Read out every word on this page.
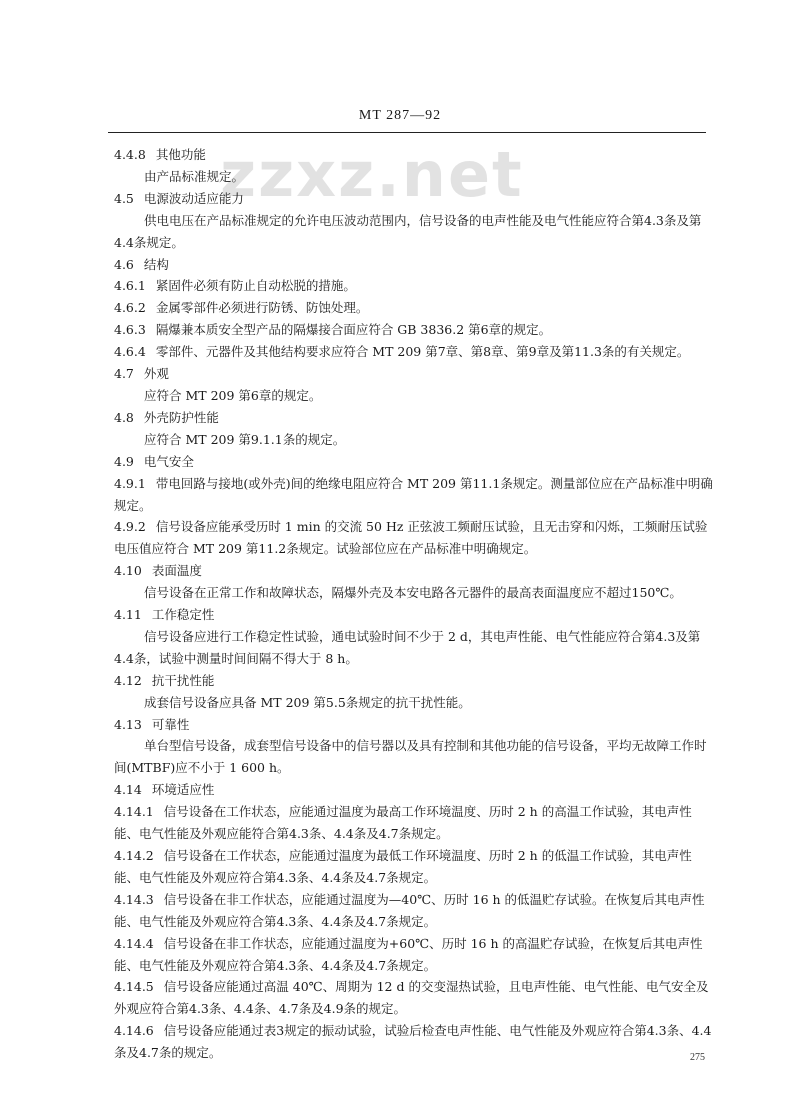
MT 287—92
zzxz.net

4.4.8 其他功能

由产品标准规定。

4.5 电源波动适应能力

供电电压在产品标准规定的允许电压波动范围内，信号设备的电声性能及电气性能应符合第4.3条及第4.4条规定。

4.6 结构

4.6.1 紧固件必须有防止自动松脱的措施。

4.6.2 金属零部件必须进行防锈、防蚀处理。

4.6.3 隔爆兼本质安全型产品的隔爆接合面应符合 GB 3836.2 第6章的规定。

4.6.4 零部件、元器件及其他结构要求应符合 MT 209 第7章、第8章、第9章及第11.3条的有关规定。

4.7 外观

应符合 MT 209 第6章的规定。

4.8 外壳防护性能

应符合 MT 209 第9.1.1条的规定。

4.9 电气安全

4.9.1 带电回路与接地(或外壳)间的绝缘电阻应符合 MT 209 第11.1条规定。测量部位应在产品标准中明确规定。

4.9.2 信号设备应能承受历时 1 min 的交流 50 Hz 正弦波工频耐压试验，且无击穿和闪烁，工频耐压试验电压值应符合 MT 209 第11.2条规定。试验部位应在产品标准中明确规定。

4.10 表面温度

信号设备在正常工作和故障状态，隔爆外壳及本安电路各元器件的最高表面温度应不超过150℃。

4.11 工作稳定性

信号设备应进行工作稳定性试验，通电试验时间不少于 2 d，其电声性能、电气性能应符合第4.3及第4.4条，试验中测量时间间隔不得大于 8 h。

4.12 抗干扰性能

成套信号设备应具备 MT 209 第5.5条规定的抗干扰性能。

4.13 可靠性

单台型信号设备，成套型信号设备中的信号器以及具有控制和其他功能的信号设备，平均无故障工作时间(MTBF)应不小于 1 600 h。

4.14 环境适应性

4.14.1 信号设备在工作状态，应能通过温度为最高工作环境温度、历时 2 h 的高温工作试验，其电声性能、电气性能及外观应能符合第4.3条、4.4条及4.7条规定。

4.14.2 信号设备在工作状态，应能通过温度为最低工作环境温度、历时 2 h 的低温工作试验，其电声性能、电气性能及外观应符合第4.3条、4.4条及4.7条规定。

4.14.3 信号设备在非工作状态，应能通过温度为—40℃、历时 16 h 的低温贮存试验。在恢复后其电声性能、电气性能及外观应符合第4.3条、4.4条及4.7条规定。

4.14.4 信号设备在非工作状态，应能通过温度为+60℃、历时 16 h 的高温贮存试验，在恢复后其电声性能、电气性能及外观应符合第4.3条、4.4条及4.7条规定。

4.14.5 信号设备应能通过高温 40℃、周期为 12 d 的交变湿热试验，且电声性能、电气性能、电气安全及外观应符合第4.3条、4.4条、4.7条及4.9条的规定。

4.14.6 信号设备应能通过表3规定的振动试验，试验后检查电声性能、电气性能及外观应符合第4.3条、4.4条及4.7条的规定。	275
